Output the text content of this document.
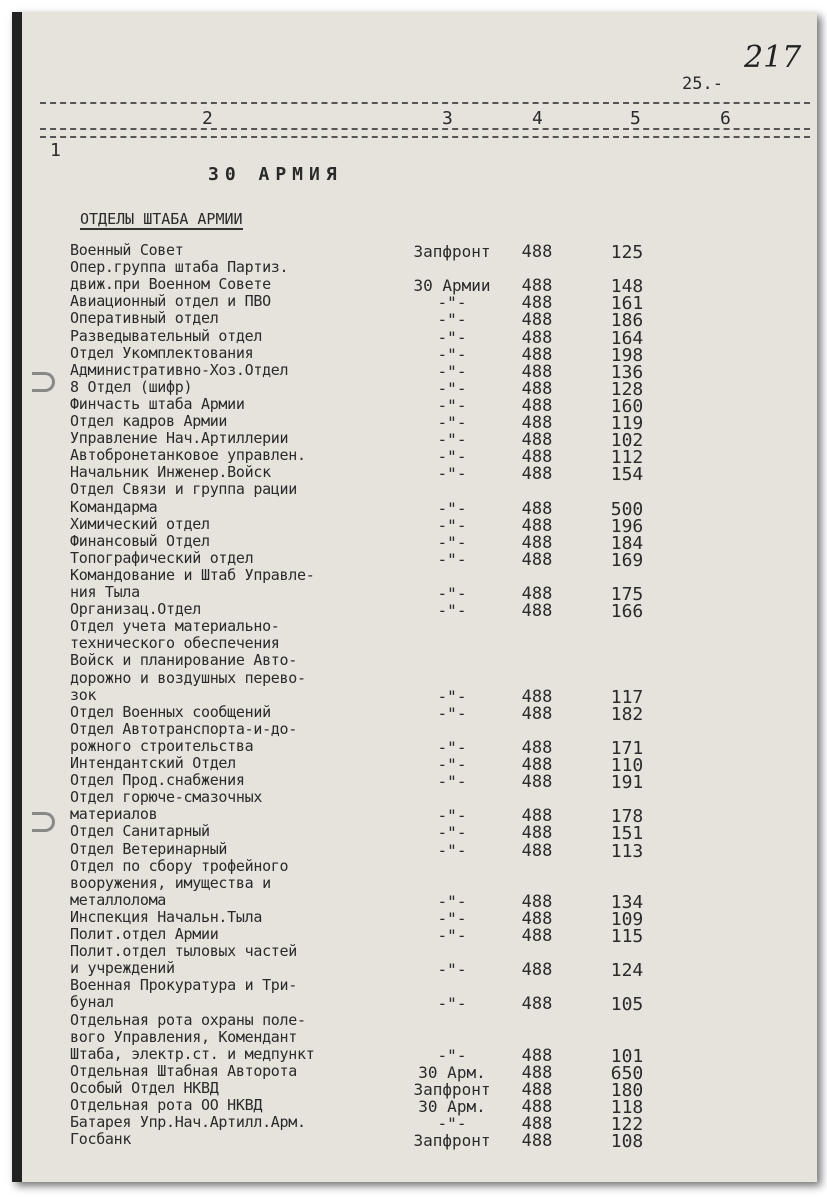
217
25.-
1
2	3	4	5	6
30 АРМИЯ
ОТДЕЛЫ ШТАБА АРМИИ
Военный Совет	Запфронт	488	125
Опер.группа штаба Партиз.
движ.при Военном Совете	30 Армии	488	148
Авиационный отдел и ПВО	-"-	488	161
Оперативный отдел	-"-	488	186
Разведывательный отдел	-"-	488	164
Отдел Укомплектования	-"-	488	198
Административно-Хоз.Отдел	-"-	488	136
8 Отдел (шифр)	-"-	488	128
Финчасть штаба Армии	-"-	488	160
Отдел кадров Армии	-"-	488	119
Управление Нач.Артиллерии	-"-	488	102
Автобронетанковое управлен.	-"-	488	112
Начальник Инженер.Войск	-"-	488	154
Отдел Связи и группа рации
Командарма	-"-	488	500
Химический отдел	-"-	488	196
Финансовый Отдел	-"-	488	184
Топографический отдел	-"-	488	169
Командование и Штаб Управле-
ния Тыла	-"-	488	175
Организац.Отдел	-"-	488	166
Отдел учета материально-
технического обеспечения
Войск и планирование Авто-
дорожно и воздушных перево-
зок	-"-	488	117
Отдел Военных сообщений	-"-	488	182
Отдел Автотранспорта-и-до-
рожного строительства	-"-	488	171
Интендантский Отдел	-"-	488	110
Отдел Прод.снабжения	-"-	488	191
Отдел горюче-смазочных
материалов	-"-	488	178
Отдел Санитарный	-"-	488	151
Отдел Ветеринарный	-"-	488	113
Отдел по сбору трофейного
вооружения, имущества и
металлолома	-"-	488	134
Инспекция Начальн.Тыла	-"-	488	109
Полит.отдел Армии	-"-	488	115
Полит.отдел тыловых частей
и учреждений	-"-	488	124
Военная Прокуратура и Три-
бунал	-"-	488	105
Отдельная рота охраны поле-
вого Управления, Комендант
Штаба, электр.ст. и медпункт	-"-	488	101
Отдельная Штабная Авторота	30 Арм.	488	650
Особый Отдел НКВД	Запфронт	488	180
Отдельная рота ОО НКВД	30 Арм.	488	118
Батарея Упр.Нач.Артилл.Арм.	-"-	488	122
Госбанк	Запфронт	488	108
